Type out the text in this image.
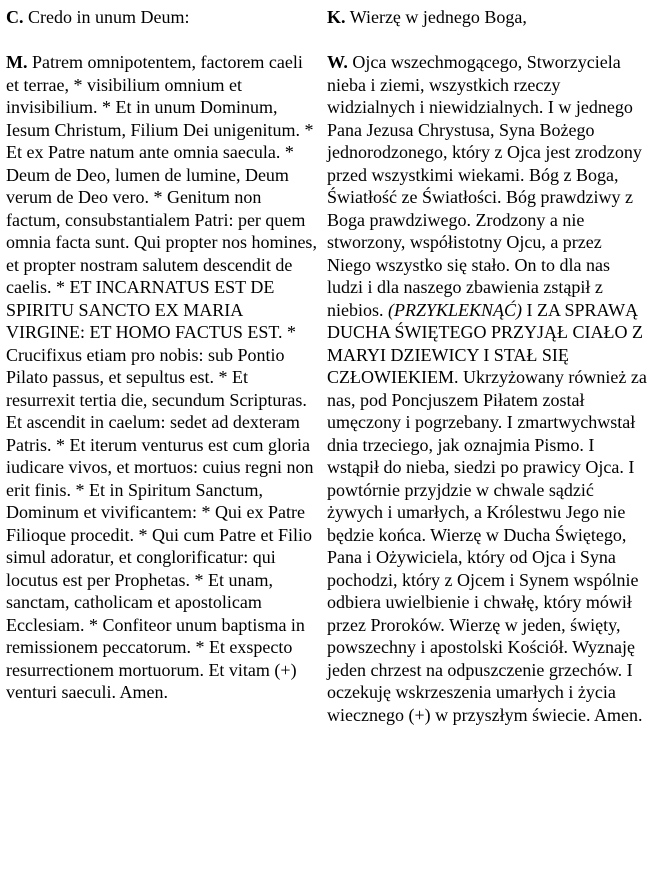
C. Credo in unum Deum:

M. Patrem omnipotentem, factorem caeli et terrae, * visibilium omnium et invisibilium. * Et in unum Dominum, Iesum Christum, Filium Dei unigenitum. * Et ex Patre natum ante omnia saecula. * Deum de Deo, lumen de lumine, Deum verum de Deo vero. * Genitum non factum, consubstantialem Patri: per quem omnia facta sunt. Qui propter nos homines, et propter nostram salutem descendit de caelis. * ET INCARNATUS EST DE SPIRITU SANCTO EX MARIA VIRGINE: ET HOMO FACTUS EST. * Crucifixus etiam pro nobis: sub Pontio Pilato passus, et sepultus est. * Et resurrexit tertia die, secundum Scripturas. Et ascendit in caelum: sedet ad dexteram Patris. * Et iterum venturus est cum gloria iudicare vivos, et mortuos: cuius regni non erit finis. * Et in Spiritum Sanctum, Dominum et vivificantem: * Qui ex Patre Filioque procedit. * Qui cum Patre et Filio simul adoratur, et conglorificatur: qui locutus est per Prophetas. * Et unam, sanctam, catholicam et apostolicam Ecclesiam. * Confiteor unum baptisma in remissionem peccatorum. * Et exspecto resurrectionem mortuorum. Et vitam (+) venturi saeculi. Amen.

K. Wierzę w jednego Boga,

W. Ojca wszechmogącego, Stworzyciela nieba i ziemi, wszystkich rzeczy widzialnych i niewidzialnych. I w jednego Pana Jezusa Chrystusa, Syna Bożego jednorodzonego, który z Ojca jest zrodzony przed wszystkimi wiekami. Bóg z Boga, Światłość ze Światłości. Bóg prawdziwy z Boga prawdziwego. Zrodzony a nie stworzony, współistotny Ojcu, a przez Niego wszystko się stało. On to dla nas ludzi i dla naszego zbawienia zstąpił z niebios. (PRZYKLEKNĄĆ) I ZA SPRAWĄ DUCHA ŚWIĘTEGO PRZYJĄŁ CIAŁO Z MARYI DZIEWICY I STAŁ SIĘ CZŁOWIEKIEM. Ukrzyżowany również za nas, pod Poncjuszem Piłatem został umęczony i pogrzebany. I zmartwychwstał dnia trzeciego, jak oznajmia Pismo. I wstąpił do nieba, siedzi po prawicy Ojca. I powtórnie przyjdzie w chwale sądzić żywych i umarłych, a Królestwu Jego nie będzie końca. Wierzę w Ducha Świętego, Pana i Ożywiciela, który od Ojca i Syna pochodzi, który z Ojcem i Synem wspólnie odbiera uwielbienie i chwałę, który mówił przez Proroków. Wierzę w jeden, święty, powszechny i apostolski Kościół. Wyznaję jeden chrzest na odpuszczenie grzechów. I oczekuję wskrzeszenia umarłych i życia wiecznego (+) w przyszłym świecie. Amen.
